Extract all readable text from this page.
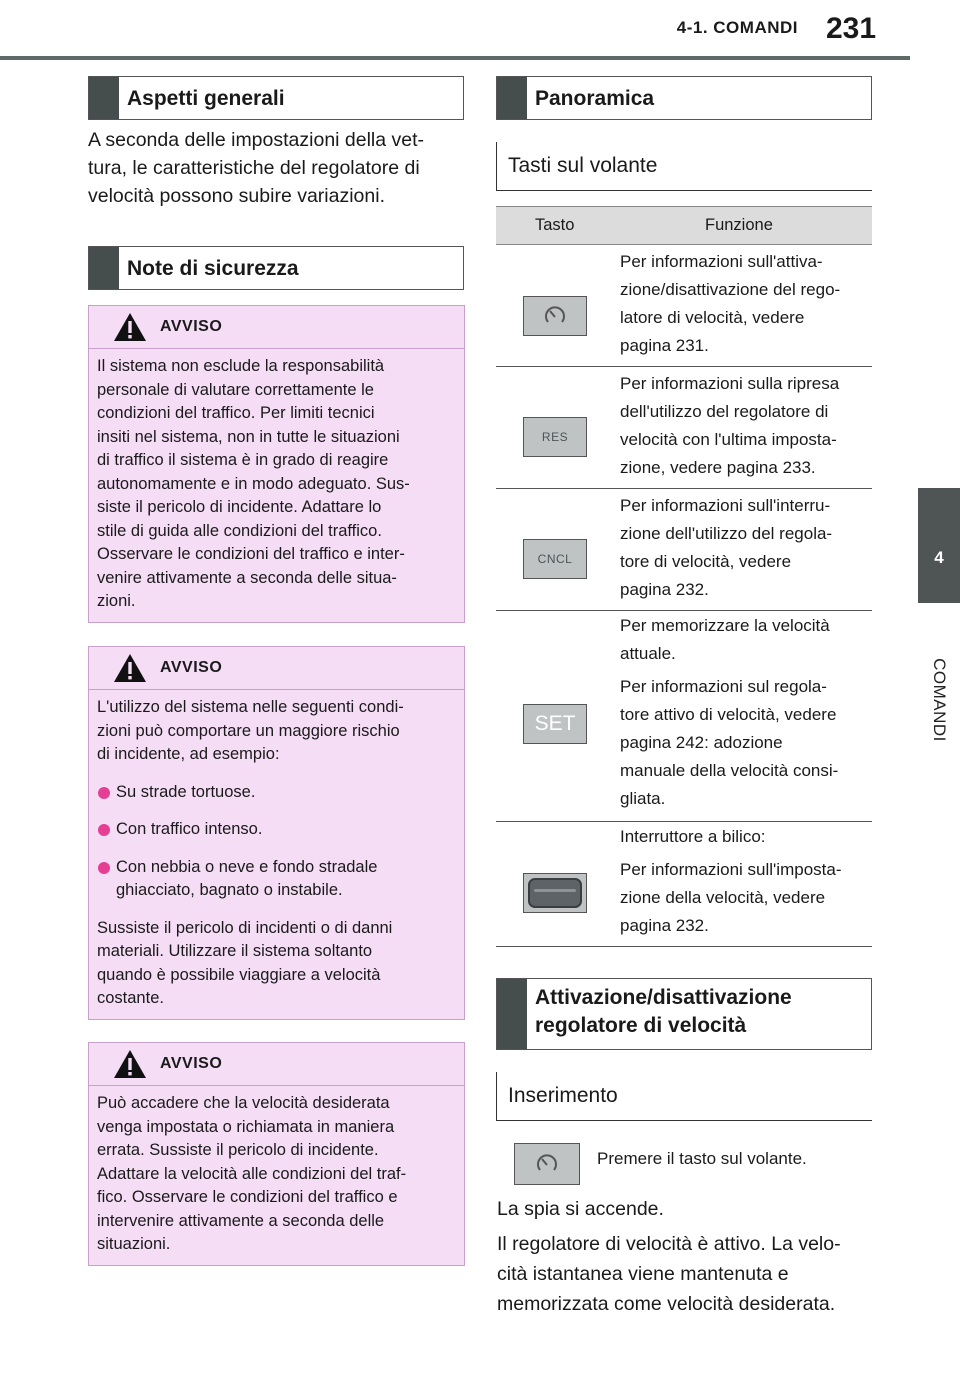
4-1. COMANDI 231
4
COMANDI
Aspetti generali
A seconda delle impostazioni della vet-
tura, le caratteristiche del regolatore di
velocità possono subire variazioni.
Note di sicurezza
AVVISO
Il sistema non esclude la responsabilità
personale di valutare correttamente le
condizioni del traffico. Per limiti tecnici
insiti nel sistema, non in tutte le situazioni
di traffico il sistema è in grado di reagire
autonomamente e in modo adeguato. Sus-
siste il pericolo di incidente. Adattare lo
stile di guida alle condizioni del traffico.
Osservare le condizioni del traffico e inter-
venire attivamente a seconda delle situa-
zioni.
AVVISO
L'utilizzo del sistema nelle seguenti condi-
zioni può comportare un maggiore rischio
di incidente, ad esempio:
Su strade tortuose.
Con traffico intenso.
Con nebbia o neve e fondo stradale
ghiacciato, bagnato o instabile.
Sussiste il pericolo di incidenti o di danni
materiali. Utilizzare il sistema soltanto
quando è possibile viaggiare a velocità
costante.
AVVISO
Può accadere che la velocità desiderata
venga impostata o richiamata in maniera
errata. Sussiste il pericolo di incidente.
Adattare la velocità alle condizioni del traf-
fico. Osservare le condizioni del traffico e
intervenire attivamente a seconda delle
situazioni.
Panoramica
Tasti sul volante
Tasto	Funzione

Per informazioni sull'attiva-
zione/disattivazione del rego-
latore di velocità, vedere
pagina 231.

RES

Per informazioni sulla ripresa
dell'utilizzo del regolatore di
velocità con l'ultima imposta-
zione, vedere pagina 233.

CNCL

Per informazioni sull'interru-
zione dell'utilizzo del regola-
tore di velocità, vedere
pagina 232.

SET

Per memorizzare la velocità
attuale.

Per informazioni sul regola-
tore attivo di velocità, vedere
pagina 242: adozione
manuale della velocità consi-
gliata.

Interruttore a bilico:

Per informazioni sull'imposta-
zione della velocità, vedere
pagina 232.

Attivazione/disattivazione
regolatore di velocità
Inserimento
Premere il tasto sul volante.
La spia si accende.
Il regolatore di velocità è attivo. La velo-
cità istantanea viene mantenuta e
memorizzata come velocità desiderata.
